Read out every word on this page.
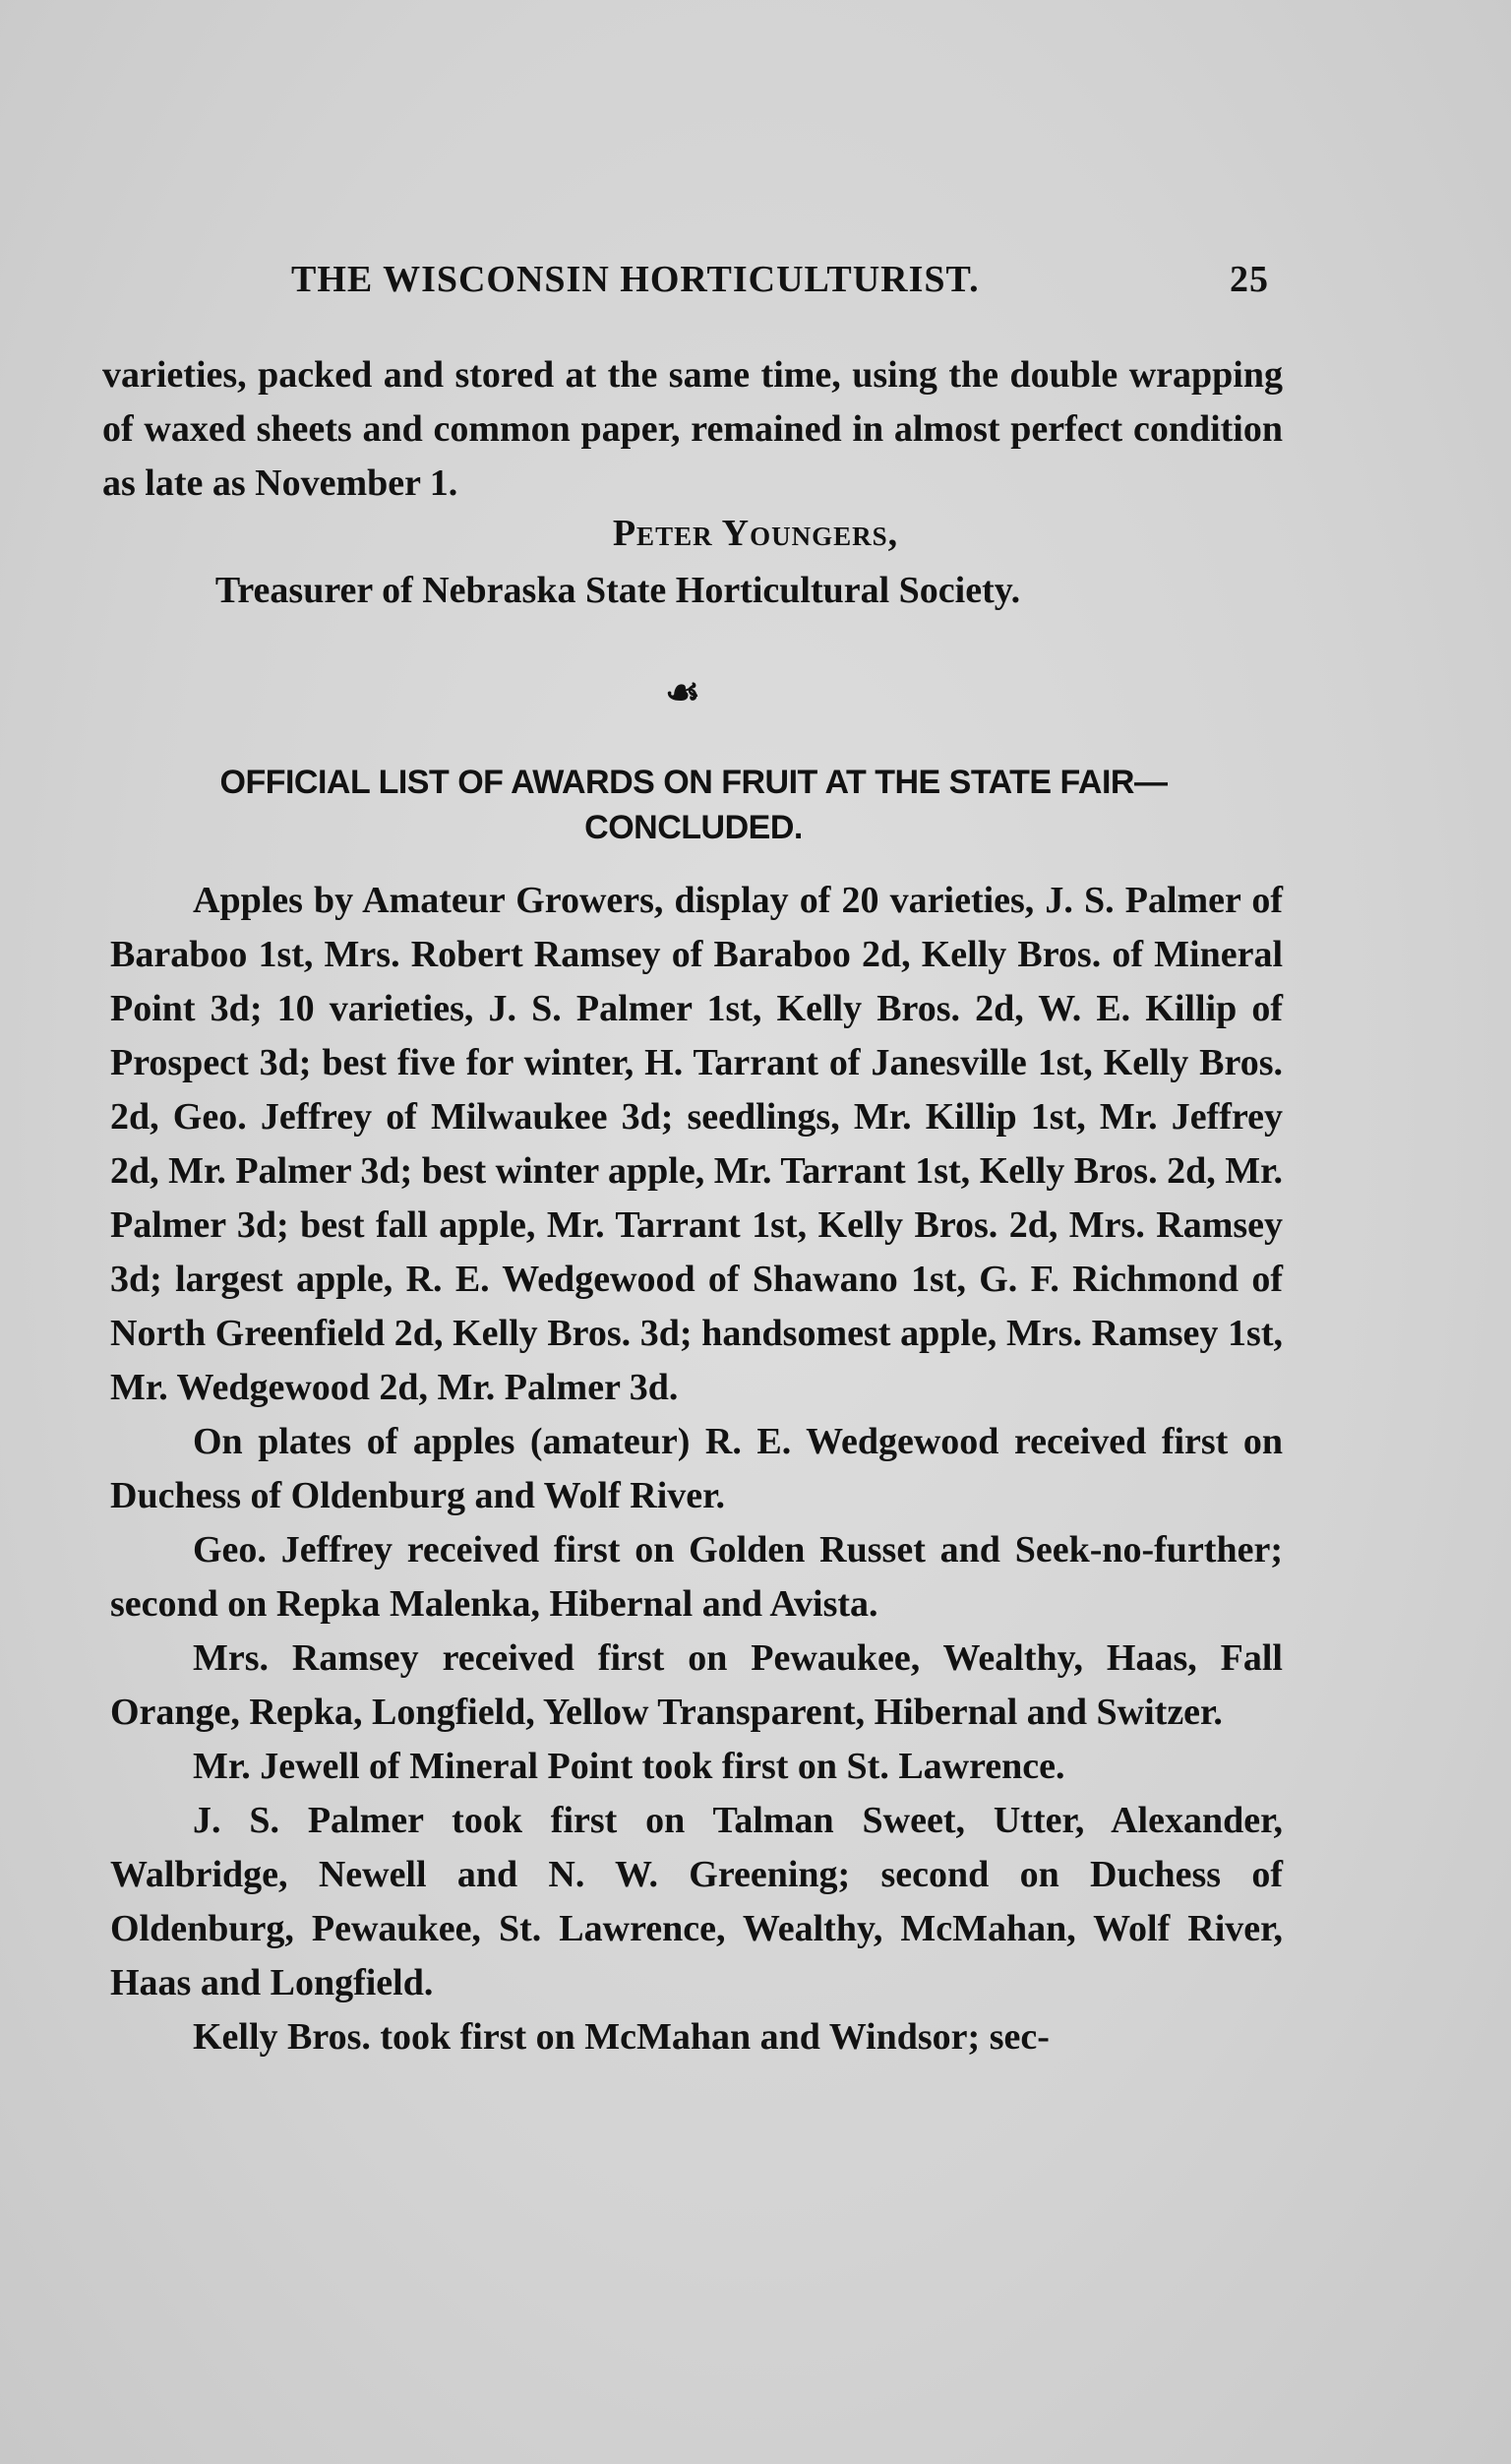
THE WISCONSIN HORTICULTURIST.	25
varieties, packed and stored at the same time, using the double wrapping of waxed sheets and common paper, remained in almost perfect condition as late as November 1.
Peter Youngers,
Treasurer of Nebraska State Horticultural Society.
☙
OFFICIAL LIST OF AWARDS ON FRUIT AT THE STATE FAIR—CONCLUDED.

Apples by Amateur Growers, display of 20 varieties, J. S. Palmer of Baraboo 1st, Mrs. Robert Ramsey of Baraboo 2d, Kelly Bros. of Mineral Point 3d; 10 varieties, J. S. Palmer 1st, Kelly Bros. 2d, W. E. Killip of Prospect 3d; best five for winter, H. Tarrant of Janesville 1st, Kelly Bros. 2d, Geo. Jeffrey of Milwaukee 3d; seedlings, Mr. Killip 1st, Mr. Jeffrey 2d, Mr. Palmer 3d; best winter apple, Mr. Tarrant 1st, Kelly Bros. 2d, Mr. Palmer 3d; best fall apple, Mr. Tarrant 1st, Kelly Bros. 2d, Mrs. Ramsey 3d; largest apple, R. E. Wedgewood of Shawano 1st, G. F. Richmond of North Greenfield 2d, Kelly Bros. 3d; handsomest apple, Mrs. Ramsey 1st, Mr. Wedgewood 2d, Mr. Palmer 3d.

On plates of apples (amateur) R. E. Wedgewood received first on Duchess of Oldenburg and Wolf River.

Geo. Jeffrey received first on Golden Russet and Seek-no-further; second on Repka Malenka, Hibernal and Avista.

Mrs. Ramsey received first on Pewaukee, Wealthy, Haas, Fall Orange, Repka, Longfield, Yellow Transparent, Hibernal and Switzer.

Mr. Jewell of Mineral Point took first on St. Lawrence.

J. S. Palmer took first on Talman Sweet, Utter, Alexander, Walbridge, Newell and N. W. Greening; second on Duchess of Oldenburg, Pewaukee, St. Lawrence, Wealthy, McMahan, Wolf River, Haas and Longfield.

Kelly Bros. took first on McMahan and Windsor; sec-
